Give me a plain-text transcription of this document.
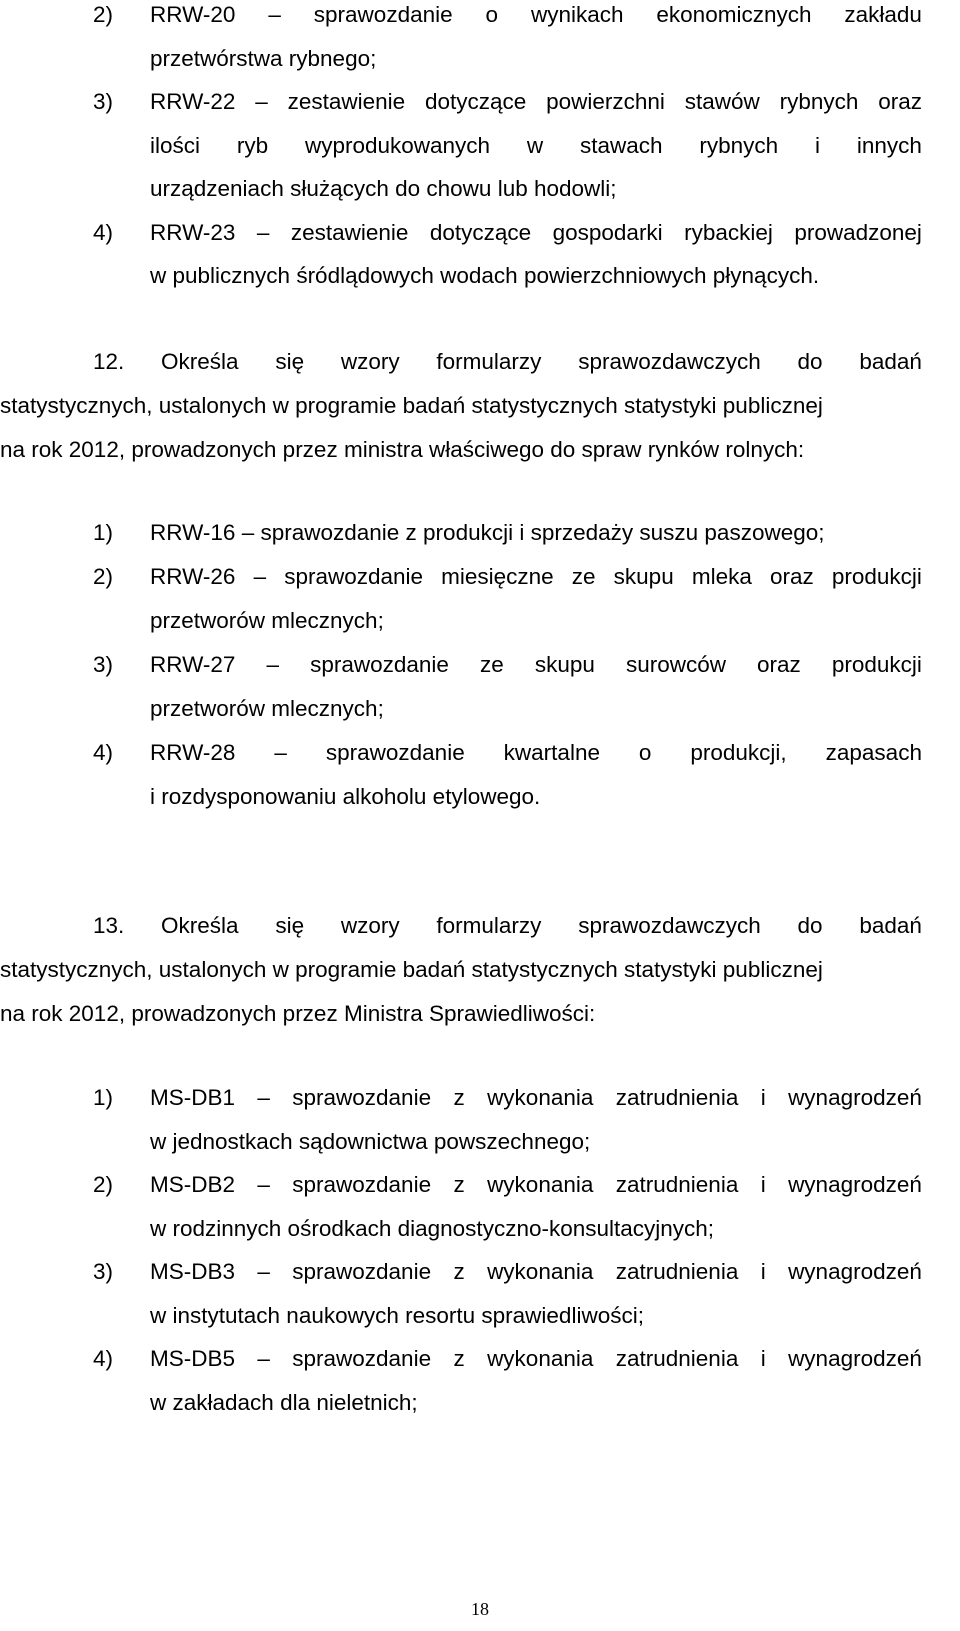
2) RRW-20 – sprawozdanie o wynikach ekonomicznych zakładu
przetwórstwa rybnego;
3) RRW-22 – zestawienie dotyczące powierzchni stawów rybnych oraz
ilości ryb wyprodukowanych w stawach rybnych i innych
urządzeniach służących do chowu lub hodowli;
4) RRW-23 – zestawienie dotyczące gospodarki rybackiej prowadzonej
w publicznych śródlądowych wodach powierzchniowych płynących.
12. Określa się wzory formularzy sprawozdawczych do badań
statystycznych, ustalonych w programie badań statystycznych statystyki publicznej
na rok 2012, prowadzonych przez ministra właściwego do spraw rynków rolnych:
1) RRW-16 – sprawozdanie z produkcji i sprzedaży suszu paszowego;
2) RRW-26 – sprawozdanie miesięczne ze skupu mleka oraz produkcji
przetworów mlecznych;
3) RRW-27 – sprawozdanie ze skupu surowców oraz produkcji
przetworów mlecznych;
4) RRW-28 – sprawozdanie kwartalne o produkcji, zapasach
i rozdysponowaniu alkoholu etylowego.
13. Określa się wzory formularzy sprawozdawczych do badań
statystycznych, ustalonych w programie badań statystycznych statystyki publicznej
na rok 2012, prowadzonych przez Ministra Sprawiedliwości:
1) MS-DB1 – sprawozdanie z wykonania zatrudnienia i wynagrodzeń
w jednostkach sądownictwa powszechnego;
2) MS-DB2 – sprawozdanie z wykonania zatrudnienia i wynagrodzeń
w rodzinnych ośrodkach diagnostyczno-konsultacyjnych;
3) MS-DB3 – sprawozdanie z wykonania zatrudnienia i wynagrodzeń
w instytutach naukowych resortu sprawiedliwości;
4) MS-DB5 – sprawozdanie z wykonania zatrudnienia i wynagrodzeń
w zakładach dla nieletnich;
18
